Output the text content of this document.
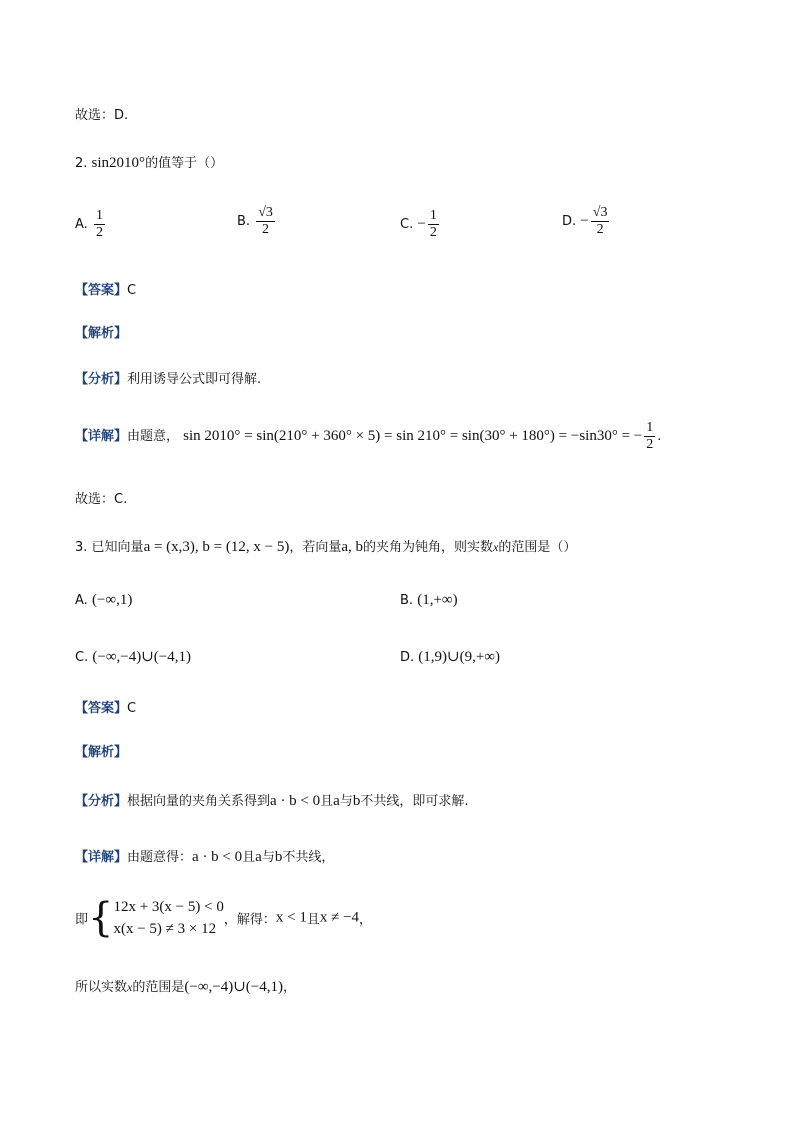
故选：D.
2. sin2010°的值等于（）
A. $\frac{1}{2}$	B. $\frac{√3}{2}$	C. − $\frac{1}{2}$	D. − $\frac{√3}{2}$
【答案】C
【解析】
【分析】利用诱导公式即可得解.
【详解】由题意， sin 2010° = sin(210° + 360° × 5) = sin 210° = sin(30° + 180°) = −sin30° = − $\frac{1}{2}$ .
故选：C.
3. 已知向量a = (x,3), b = (12, x − 5)，若向量a, b的夹角为钝角，则实数x的范围是（）
A. (−∞,1)	B. (1,+∞)
C. (−∞,−4)∪(−4,1)	D. (1,9)∪(9,+∞)
【答案】C
【解析】
【分析】根据向量的夹角关系得到a · b < 0且a与b不共线，即可求解.
【详解】由题意得：a · b < 0且a与b不共线，
即{ 12x + 3(x − 5) < 0
x(x − 5) ≠ 3 × 12
，解得：x < 1且x ≠ −4，
所以实数x的范围是(−∞,−4)∪(−4,1)，
